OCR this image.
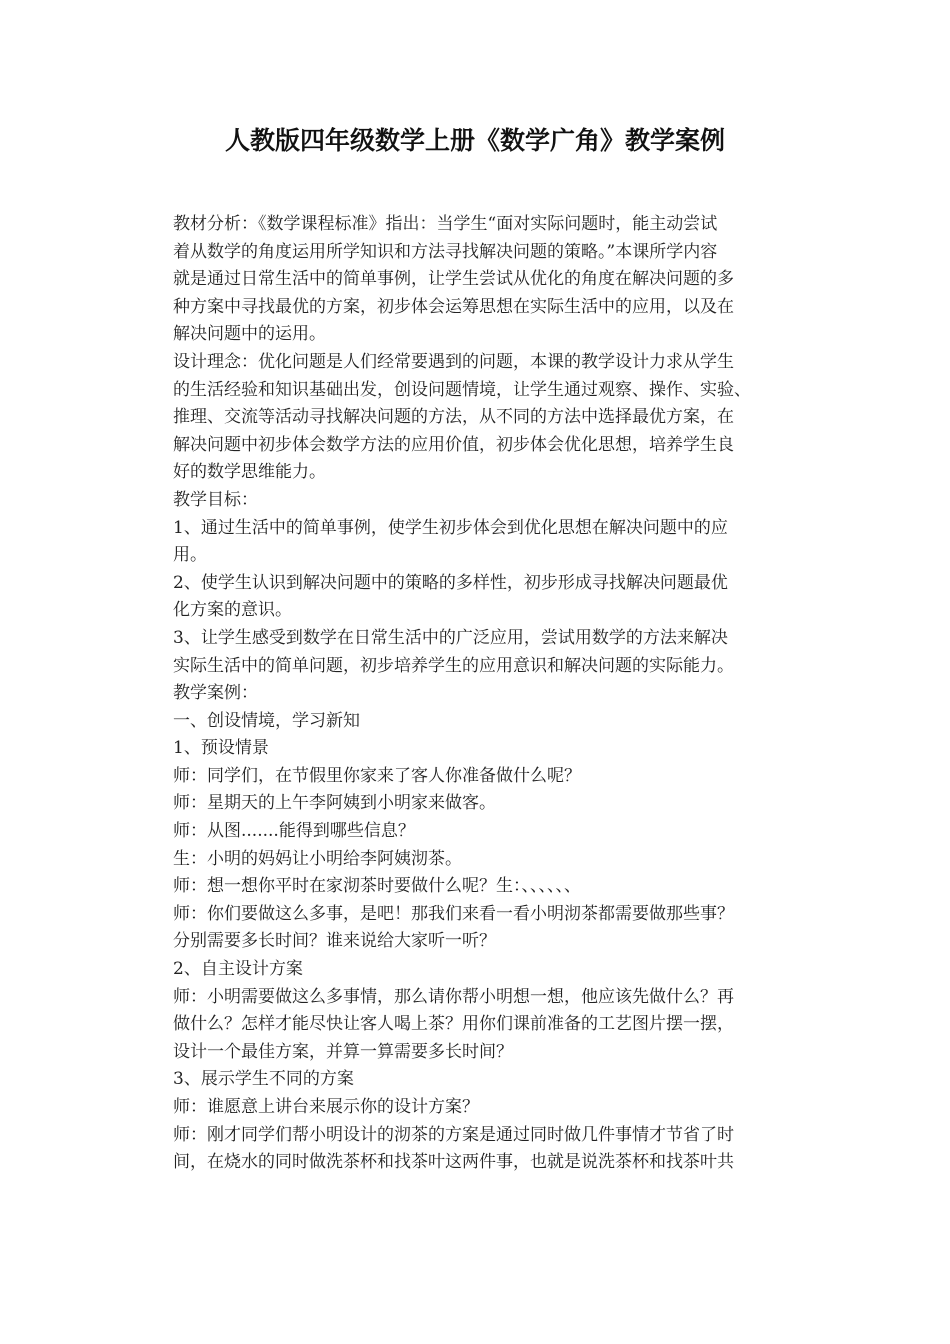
人教版四年级数学上册《数学广角》教学案例

教材分析：《数学课程标准》指出：当学生“面对实际问题时，能主动尝试

着从数学的角度运用所学知识和方法寻找解决问题的策略。”本课所学内容

就是通过日常生活中的简单事例，让学生尝试从优化的角度在解决问题的多

种方案中寻找最优的方案，初步体会运筹思想在实际生活中的应用，以及在

解决问题中的运用。

设计理念：优化问题是人们经常要遇到的问题，本课的教学设计力求从学生

的生活经验和知识基础出发，创设问题情境，让学生通过观察、操作、实验、

推理、交流等活动寻找解决问题的方法，从不同的方法中选择最优方案，在

解决问题中初步体会数学方法的应用价值，初步体会优化思想，培养学生良

好的数学思维能力。

教学目标：

1、通过生活中的简单事例，使学生初步体会到优化思想在解决问题中的应

用。

2、使学生认识到解决问题中的策略的多样性，初步形成寻找解决问题最优

化方案的意识。

3、让学生感受到数学在日常生活中的广泛应用，尝试用数学的方法来解决

实际生活中的简单问题，初步培养学生的应用意识和解决问题的实际能力。

教学案例：

一、创设情境，学习新知

1、预设情景

师：同学们，在节假里你家来了客人你准备做什么呢？

师：星期天的上午李阿姨到小明家来做客。

师：从图.......能得到哪些信息？

生：小明的妈妈让小明给李阿姨沏茶。

师：想一想你平时在家沏茶时要做什么呢？生：、、、、、、

师：你们要做这么多事，是吧！那我们来看一看小明沏茶都需要做那些事？

分别需要多长时间？谁来说给大家听一听？

2、自主设计方案

师：小明需要做这么多事情，那么请你帮小明想一想，他应该先做什么？再

做什么？怎样才能尽快让客人喝上茶？用你们课前准备的工艺图片摆一摆，

设计一个最佳方案，并算一算需要多长时间？

3、展示学生不同的方案

师：谁愿意上讲台来展示你的设计方案？

师：刚才同学们帮小明设计的沏茶的方案是通过同时做几件事情才节省了时

间，在烧水的同时做洗茶杯和找茶叶这两件事，也就是说洗茶杯和找茶叶共
